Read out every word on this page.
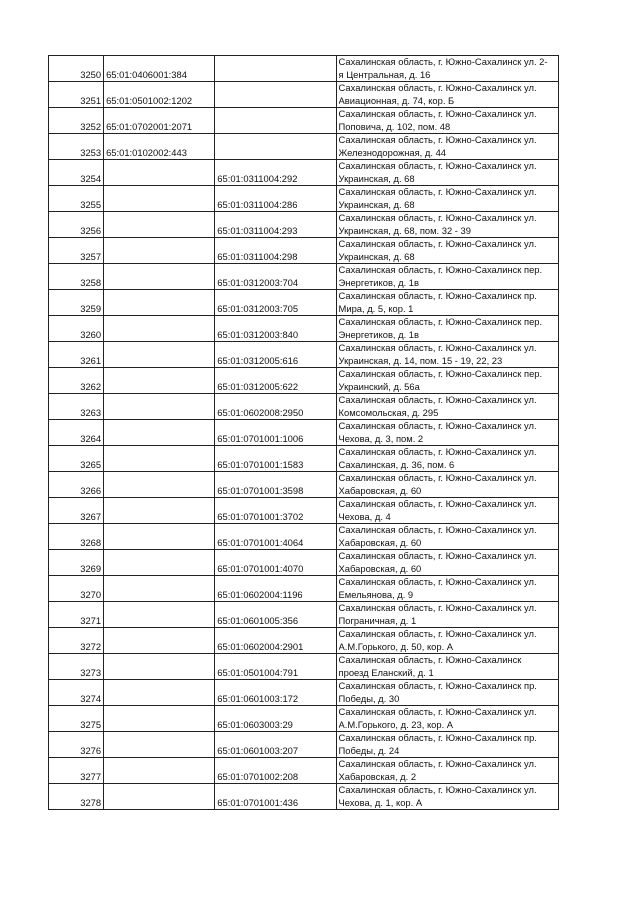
3250	65:01:0406001:384		Сахалинская область, г. Южно-Сахалинск ул. 2-
я Центральная, д. 16

3251	65:01:0501002:1202		Сахалинская область, г. Южно-Сахалинск ул.
Авиационная, д. 74, кор. Б

3252	65:01:0702001:2071		Сахалинская область, г. Южно-Сахалинск ул.
Поповича, д. 102, пом. 48

3253	65:01:0102002:443		Сахалинская область, г. Южно-Сахалинск ул.
Железнодорожная, д. 44

3254		65:01:0311004:292	Сахалинская область, г. Южно-Сахалинск ул.
Украинская, д. 68

3255		65:01:0311004:286	Сахалинская область, г. Южно-Сахалинск ул.
Украинская, д. 68

3256		65:01:0311004:293	Сахалинская область, г. Южно-Сахалинск ул.
Украинская, д. 68, пом. 32 - 39

3257		65:01:0311004:298	Сахалинская область, г. Южно-Сахалинск ул.
Украинская, д. 68

3258		65:01:0312003:704	Сахалинская область, г. Южно-Сахалинск пер.
Энергетиков, д. 1в

3259		65:01:0312003:705	Сахалинская область, г. Южно-Сахалинск пр.
Мира, д. 5, кор. 1

3260		65:01:0312003:840	Сахалинская область, г. Южно-Сахалинск пер.
Энергетиков, д. 1в

3261		65:01:0312005:616	Сахалинская область, г. Южно-Сахалинск ул.
Украинская, д. 14, пом. 15 - 19, 22, 23

3262		65:01:0312005:622	Сахалинская область, г. Южно-Сахалинск пер.
Украинский, д. 56а

3263		65:01:0602008:2950	Сахалинская область, г. Южно-Сахалинск ул.
Комсомольская, д. 295

3264		65:01:0701001:1006	Сахалинская область, г. Южно-Сахалинск ул.
Чехова, д. 3, пом. 2

3265		65:01:0701001:1583	Сахалинская область, г. Южно-Сахалинск ул.
Сахалинская, д. 36, пом. 6

3266		65:01:0701001:3598	Сахалинская область, г. Южно-Сахалинск ул.
Хабаровская, д. 60

3267		65:01:0701001:3702	Сахалинская область, г. Южно-Сахалинск ул.
Чехова, д. 4

3268		65:01:0701001:4064	Сахалинская область, г. Южно-Сахалинск ул.
Хабаровская, д. 60

3269		65:01:0701001:4070	Сахалинская область, г. Южно-Сахалинск ул.
Хабаровская, д. 60

3270		65:01:0602004:1196	Сахалинская область, г. Южно-Сахалинск ул.
Емельянова, д. 9

3271		65:01:0601005:356	Сахалинская область, г. Южно-Сахалинск ул.
Пограничная, д. 1

3272		65:01:0602004:2901	Сахалинская область, г. Южно-Сахалинск ул.
А.М.Горького, д. 50, кор. А

3273		65:01:0501004:791	Сахалинская область, г. Южно-Сахалинск
проезд Еланский, д. 1

3274		65:01:0601003:172	Сахалинская область, г. Южно-Сахалинск пр.
Победы, д. 30

3275		65:01:0603003:29	Сахалинская область, г. Южно-Сахалинск ул.
А.М.Горького, д. 23, кор. А

3276		65:01:0601003:207	Сахалинская область, г. Южно-Сахалинск пр.
Победы, д. 24

3277		65:01:0701002:208	Сахалинская область, г. Южно-Сахалинск ул.
Хабаровская, д. 2

3278		65:01:0701001:436	Сахалинская область, г. Южно-Сахалинск ул.
Чехова, д. 1, кор. А
